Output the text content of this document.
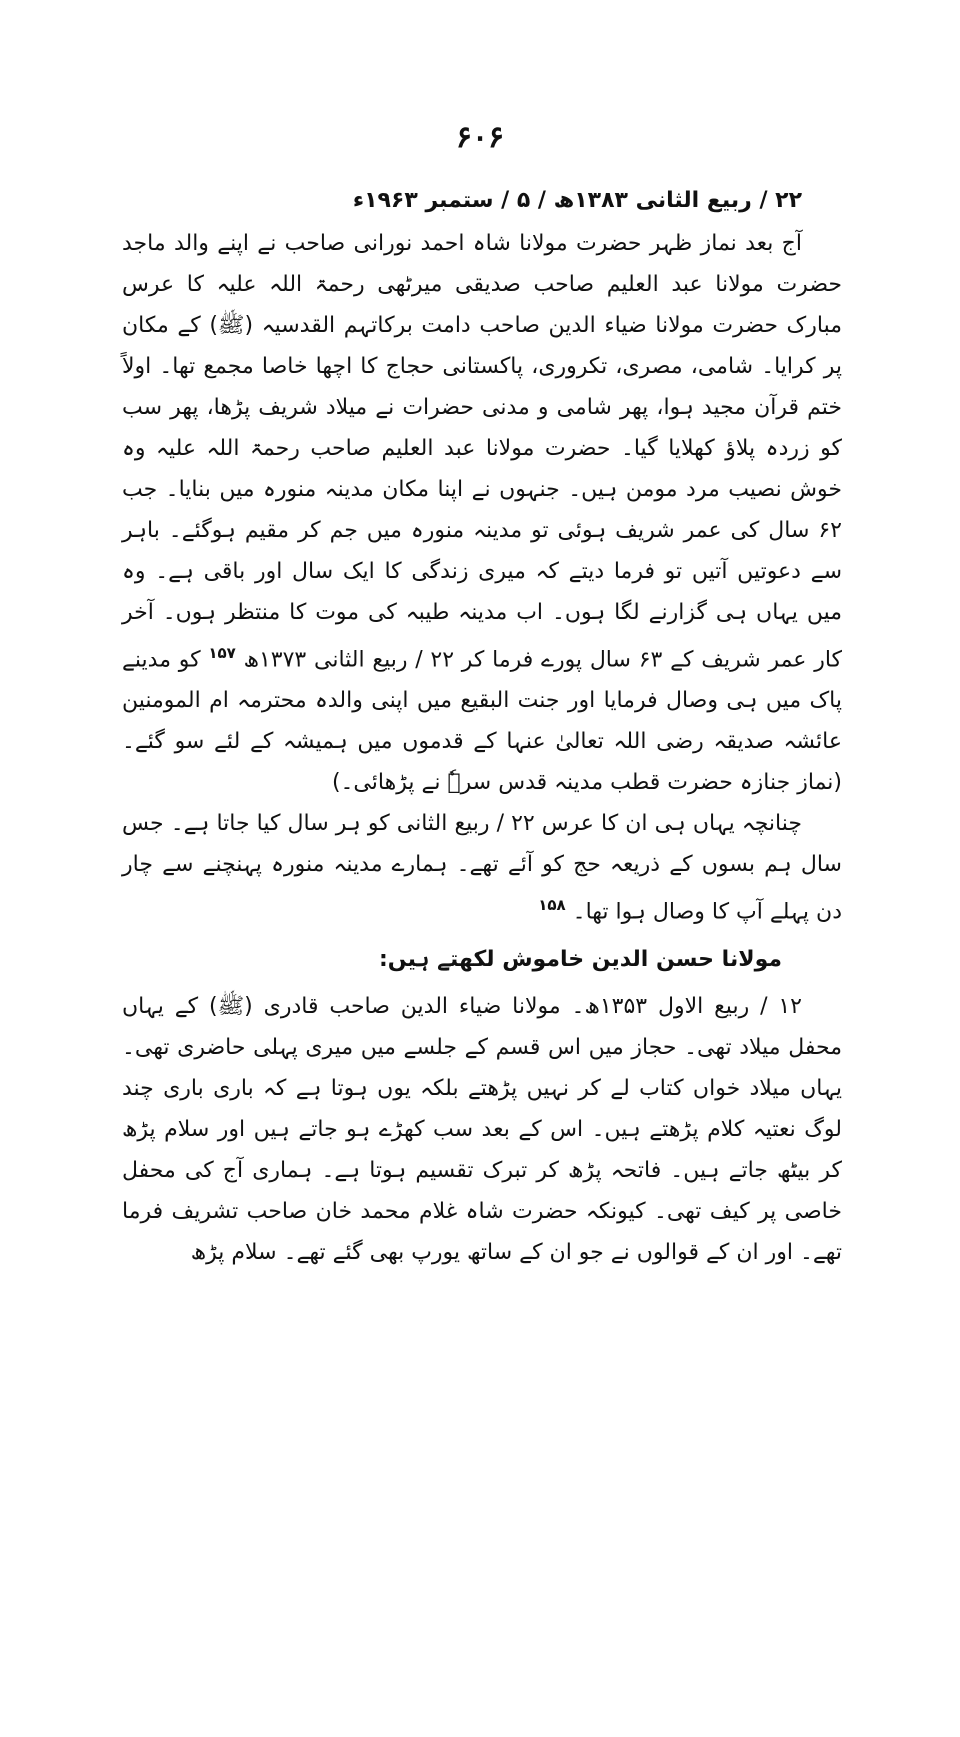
۶۰۶

۲۲ / ربیع الثانی ۱۳۸۳ھ / ۵ / ستمبر ۱۹۶۳ء

آج بعد نماز ظہر حضرت مولانا شاہ احمد نورانی صاحب نے اپنے والد ماجد حضرت مولانا عبد العلیم صاحب صدیقی میرٹھی رحمۃ اللہ علیہ کا عرس مبارک حضرت مولانا ضیاء الدین صاحب دامت برکاتہم القدسیہ (ﷺ) کے مکان پر کرایا۔ شامی، مصری، تکروری، پاکستانی حجاج کا اچھا خاصا مجمع تھا۔ اولاً ختم قرآن مجید ہوا، پھر شامی و مدنی حضرات نے میلاد شریف پڑھا، پھر سب کو زردہ پلاؤ کھلایا گیا۔ حضرت مولانا عبد العلیم صاحب رحمۃ اللہ علیہ وہ خوش نصیب مرد مومن ہیں۔ جنہوں نے اپنا مکان مدینہ منورہ میں بنایا۔ جب ۶۲ سال کی عمر شریف ہوئی تو مدینہ منورہ میں جم کر مقیم ہوگئے۔ باہر سے دعوتیں آتیں تو فرما دیتے کہ میری زندگی کا ایک سال اور باقی ہے۔ وہ میں یہاں ہی گزارنے لگا ہوں۔ اب مدینہ طیبہ کی موت کا منتظر ہوں۔ آخر کار عمر شریف کے ۶۳ سال پورے فرما کر ۲۲ / ربیع الثانی ۱۳۷۳ھ $^{۱۵۷}$ کو مدینے پاک میں ہی وصال فرمایا اور جنت البقیع میں اپنی والدہ محترمہ ام المومنین عائشہ صدیقہ رضی اللہ تعالیٰ عنہا کے قدموں میں ہمیشہ کے لئے سو گئے۔ (نماز جنازہ حضرت قطب مدینہ قدس سرہٗ نے پڑھائی۔)

چنانچہ یہاں ہی ان کا عرس ۲۲ / ربیع الثانی کو ہر سال کیا جاتا ہے۔ جس سال ہم بسوں کے ذریعہ حج کو آئے تھے۔ ہمارے مدینہ منورہ پہنچنے سے چار دن پہلے آپ کا وصال ہوا تھا۔ $^{۱۵۸}$

مولانا حسن الدین خاموش لکھتے ہیں:

۱۲ / ربیع الاول ۱۳۵۳ھ۔ مولانا ضیاء الدین صاحب قادری (ﷺ) کے یہاں محفل میلاد تھی۔ حجاز میں اس قسم کے جلسے میں میری پہلی حاضری تھی۔ یہاں میلاد خواں کتاب لے کر نہیں پڑھتے بلکہ یوں ہوتا ہے کہ باری باری چند لوگ نعتیہ کلام پڑھتے ہیں۔ اس کے بعد سب کھڑے ہو جاتے ہیں اور سلام پڑھ کر بیٹھ جاتے ہیں۔ فاتحہ پڑھ کر تبرک تقسیم ہوتا ہے۔ ہماری آج کی محفل خاصی پر کیف تھی۔ کیونکہ حضرت شاہ غلام محمد خان صاحب تشریف فرما تھے۔ اور ان کے قوالوں نے جو ان کے ساتھ یورپ بھی گئے تھے۔ سلام پڑھ
